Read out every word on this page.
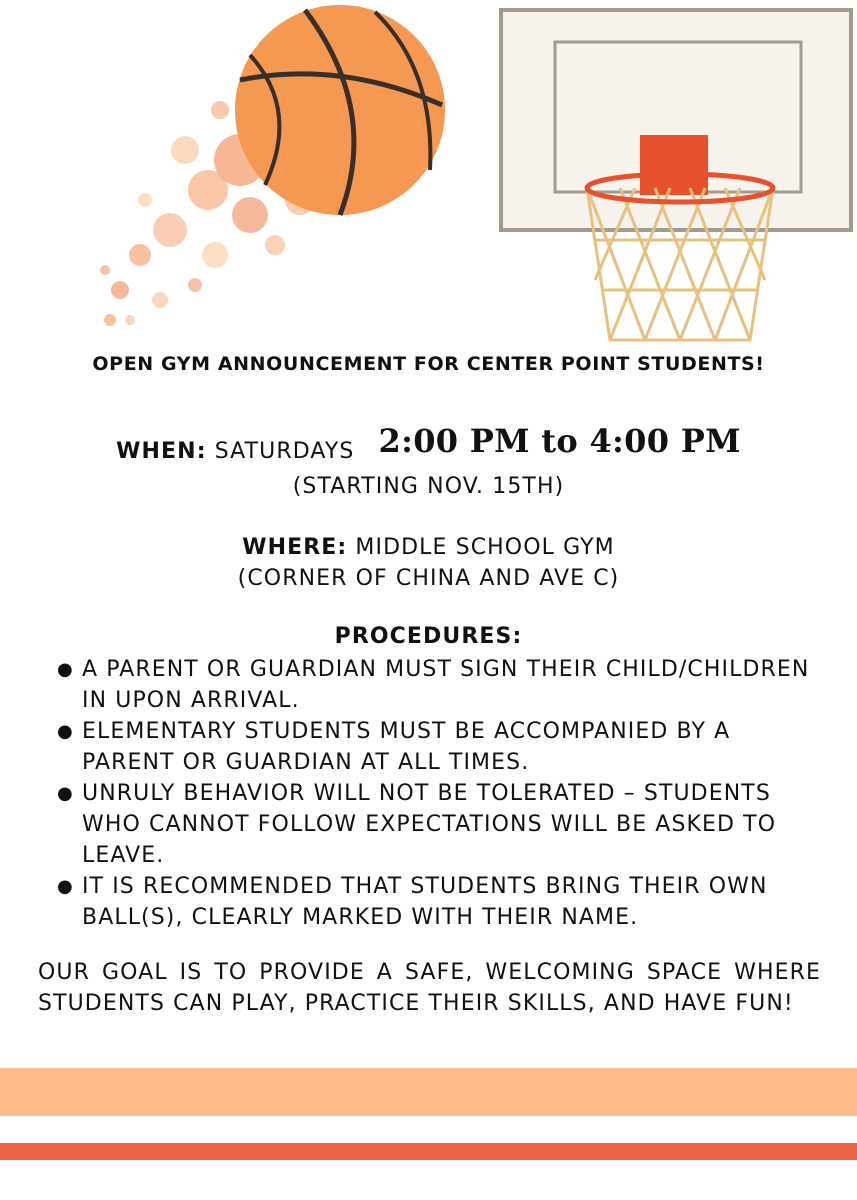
OPEN GYM ANNOUNCEMENT FOR CENTER POINT STUDENTS!
WHEN: SATURDAYS 2:00 PM to 4:00 PM
(STARTING NOV. 15TH)
WHERE: MIDDLE SCHOOL GYM
(CORNER OF CHINA AND AVE C)
PROCEDURES:
● A PARENT OR GUARDIAN MUST SIGN THEIR CHILD/CHILDREN IN UPON ARRIVAL.
● ELEMENTARY STUDENTS MUST BE ACCOMPANIED BY A PARENT OR GUARDIAN AT ALL TIMES.
● UNRULY BEHAVIOR WILL NOT BE TOLERATED – STUDENTS WHO CANNOT FOLLOW EXPECTATIONS WILL BE ASKED TO LEAVE.
● IT IS RECOMMENDED THAT STUDENTS BRING THEIR OWN BALL(S), CLEARLY MARKED WITH THEIR NAME.

OUR GOAL IS TO PROVIDE A SAFE, WELCOMING SPACE WHERE STUDENTS CAN PLAY, PRACTICE THEIR SKILLS, AND HAVE FUN!
